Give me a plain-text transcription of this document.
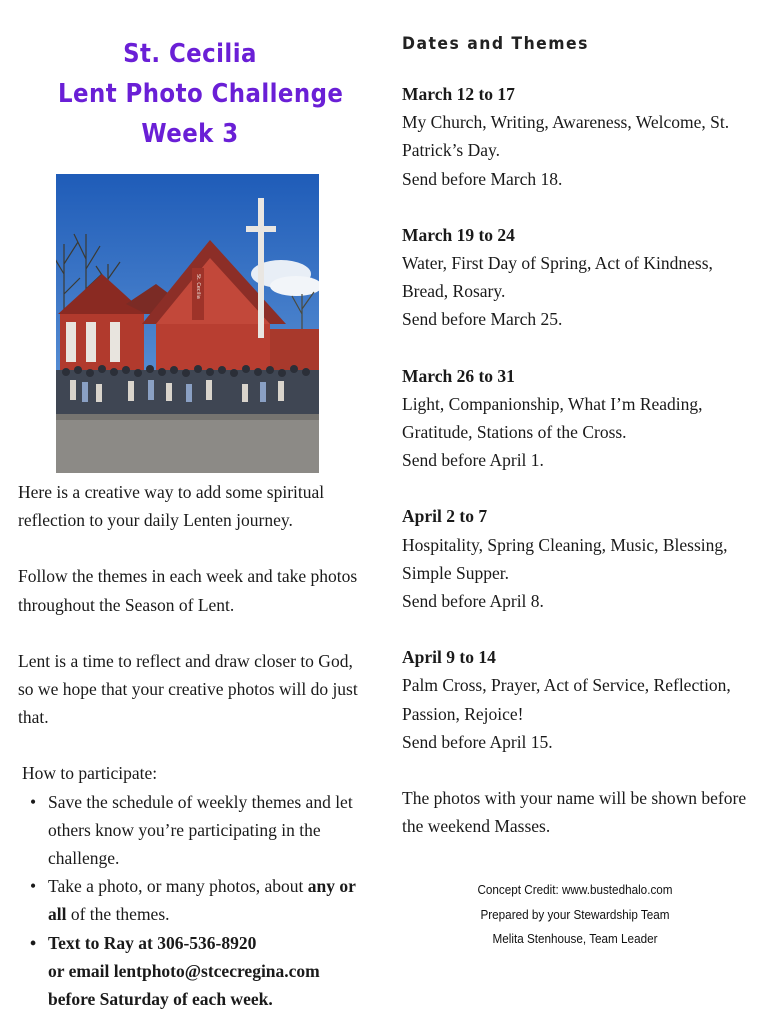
St. Cecilia
Lent Photo Challenge
Week 3
St. Cecilia

Here is a creative way to add some spiritual reflection to your daily Lenten journey.

Follow the themes in each week and take photos throughout the Season of Lent.

Lent is a time to reflect and draw closer to God, so we hope that your creative photos will do just that.

How to participate:
• Save the schedule of weekly themes and let others know you’re participating in the challenge.
• Take a photo, or many photos, about any or all of the themes.
• Text to Ray at 306-536-8920
or email lentphoto@stcecregina.com
before Saturday of each week.
Dates and Themes
March 12 to 17
My Church, Writing, Awareness, Welcome, St. Patrick’s Day.
Send before March 18.
March 19 to 24
Water, First Day of Spring, Act of Kindness, Bread, Rosary.
Send before March 25.
March 26 to 31
Light, Companionship, What I’m Reading, Gratitude, Stations of the Cross.
Send before April 1.
April 2 to 7
Hospitality, Spring Cleaning, Music, Blessing, Simple Supper.
Send before April 8.
April 9 to 14
Palm Cross, Prayer, Act of Service, Reflection, Passion, Rejoice!
Send before April 15.
The photos with your name will be shown before the weekend Masses.
Concept Credit: www.bustedhalo.com
Prepared by your Stewardship Team
Melita Stenhouse, Team Leader
